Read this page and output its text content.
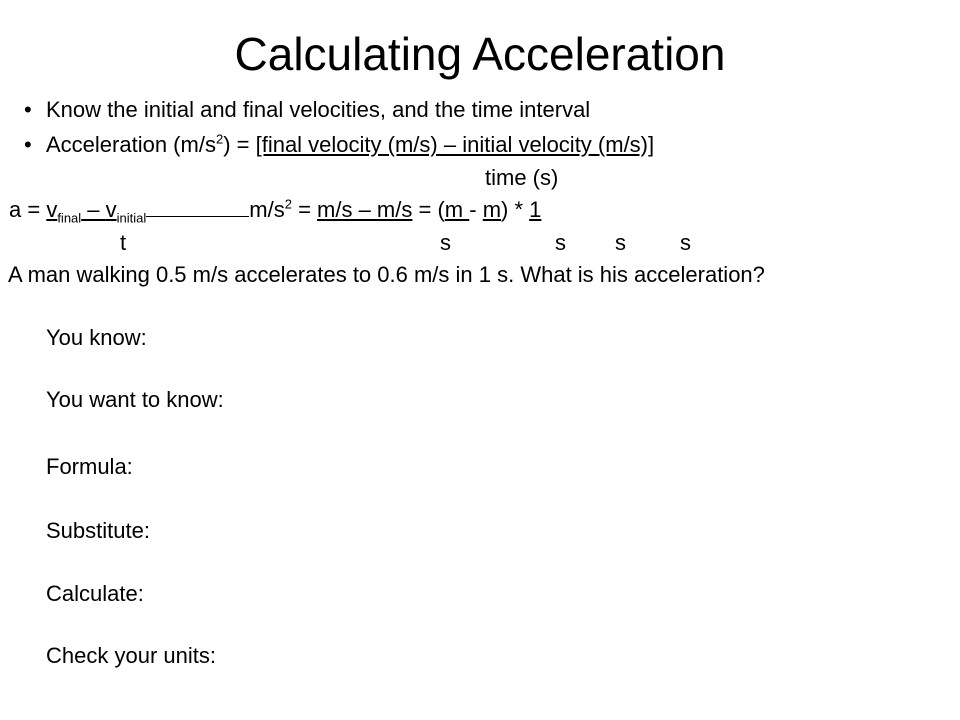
Calculating Acceleration
• Know the initial and final velocities, and the time interval
• Acceleration $(m/s^2)$ = [final velocity (m/s) – initial velocity (m/s)]
time (s)
$a = v_{final} - v_{initial}$	$m/s^2 = m/s - m/s = (m - m) * 1$
t	s	s s s
A man walking 0.5 m/s accelerates to 0.6 m/s in 1 s. What is his acceleration?
You know:
You want to know:
Formula:
Substitute:
Calculate:
Check your units:
